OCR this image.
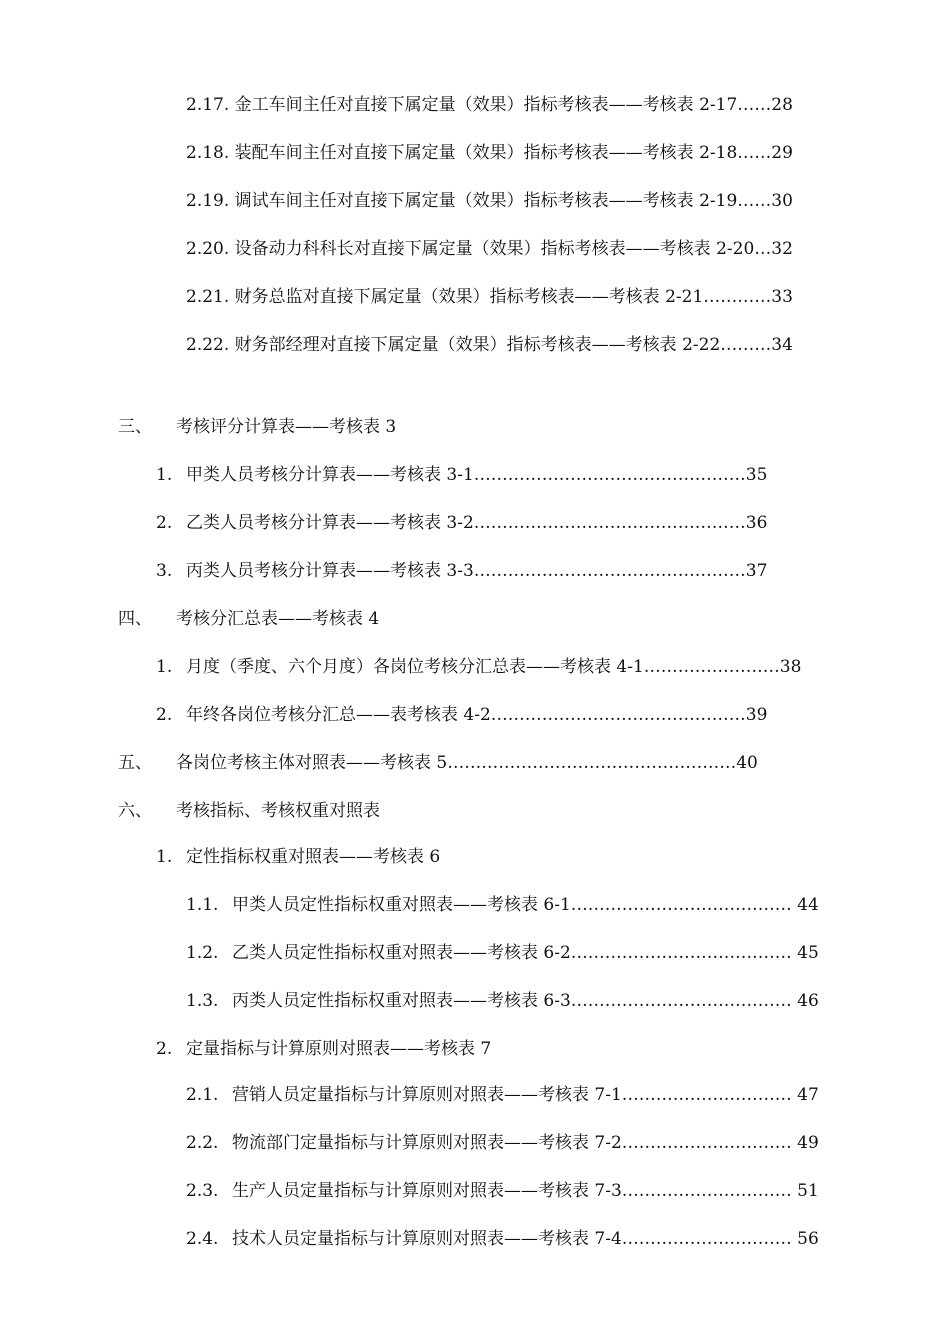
2.17. 金工车间主任对直接下属定量（效果）指标考核表——考核表 2-17……28
2.18. 装配车间主任对直接下属定量（效果）指标考核表——考核表 2-18……29
2.19. 调试车间主任对直接下属定量（效果）指标考核表——考核表 2-19……30
2.20. 设备动力科科长对直接下属定量（效果）指标考核表——考核表 2-20…32
2.21. 财务总监对直接下属定量（效果）指标考核表——考核表 2-21…………33
2.22. 财务部经理对直接下属定量（效果）指标考核表——考核表 2-22………34
三、 考核评分计算表——考核表 3
1. 甲类人员考核分计算表——考核表 3-1…………………………………………35
2. 乙类人员考核分计算表——考核表 3-2…………………………………………36
3. 丙类人员考核分计算表——考核表 3-3…………………………………………37
四、 考核分汇总表——考核表 4
1. 月度（季度、六个月度）各岗位考核分汇总表——考核表 4-1……………………38
2. 年终各岗位考核分汇总——表考核表 4-2………………………………………39
五、 各岗位考核主体对照表——考核表 5……………………………………………40
六、 考核指标、考核权重对照表
1. 定性指标权重对照表——考核表 6
1.1. 甲类人员定性指标权重对照表——考核表 6-1………………………………… 44
1.2. 乙类人员定性指标权重对照表——考核表 6-2………………………………… 45
1.3. 丙类人员定性指标权重对照表——考核表 6-3………………………………… 46
2. 定量指标与计算原则对照表——考核表 7
2.1. 营销人员定量指标与计算原则对照表——考核表 7-1………………………… 47
2.2. 物流部门定量指标与计算原则对照表——考核表 7-2………………………… 49
2.3. 生产人员定量指标与计算原则对照表——考核表 7-3………………………… 51
2.4. 技术人员定量指标与计算原则对照表——考核表 7-4………………………… 56
